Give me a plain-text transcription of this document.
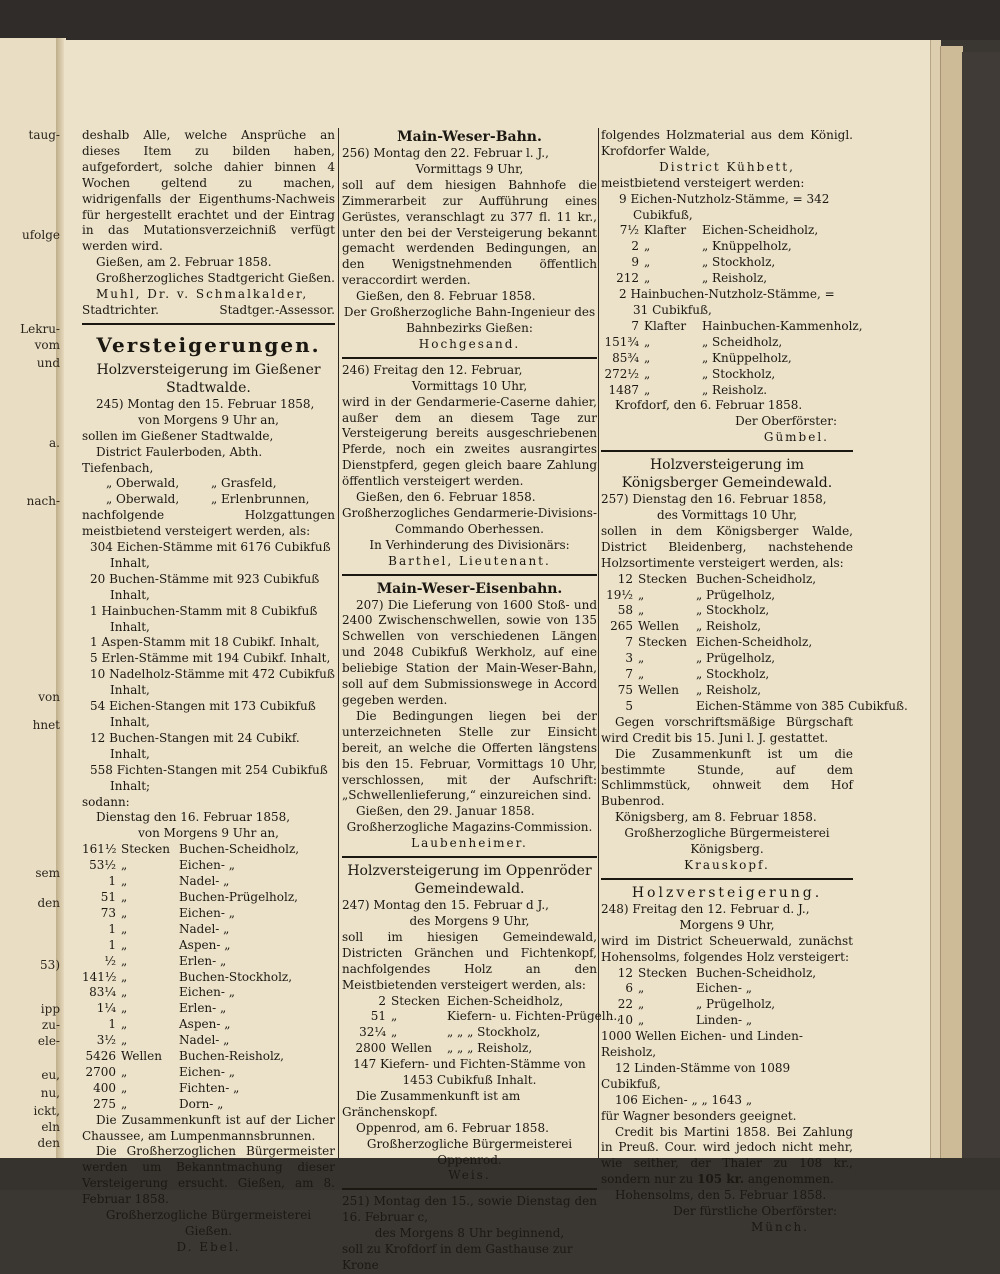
taug-
ufolge
Lekru-
vom
und
a.
nach-
von
hnet
sem
den
53)
ipp
zu-
ele-
eu,
nu,
ickt,
eln
den

deshalb Alle, welche Ansprüche an dieses Item zu bilden haben, aufgefordert, solche dahier binnen 4 Wochen geltend zu machen, widrigenfalls der Eigenthums-Nachweis für hergestellt erachtet und der Eintrag in das Mutationsverzeichniß verfügt werden wird.

Gießen, am 2. Februar 1858.

Großherzogliches Stadtgericht Gießen.

Muhl, Dr. v. Schmalkalder,

Stadtrichter.	Stadtger.-Assessor.
Versteigerungen.

Holzversteigerung im Gießener Stadtwalde.

245) Montag den 15. Februar 1858,

von Morgens 9 Uhr an,

sollen im Gießener Stadtwalde,

District Faulerboden, Abth. Tiefenbach,

„ Oberwald,	„ Grasfeld,
„ Oberwald,	„ Erlenbrunnen,

nachfolgende Holzgattungen meistbietend versteigert werden, als:

304 Eichen-Stämme mit 6176 Cubikfuß Inhalt,

20 Buchen-Stämme mit 923 Cubikfuß Inhalt,

1 Hainbuchen-Stamm mit 8 Cubikfuß Inhalt,

1 Aspen-Stamm mit 18 Cubikf. Inhalt,

5 Erlen-Stämme mit 194 Cubikf. Inhalt,

10 Nadelholz-Stämme mit 472 Cubikfuß Inhalt,

54 Eichen-Stangen mit 173 Cubikfuß Inhalt,

12 Buchen-Stangen mit 24 Cubikf. Inhalt,

558 Fichten-Stangen mit 254 Cubikfuß Inhalt;

sodann:

Dienstag den 16. Februar 1858,

von Morgens 9 Uhr an,

161½ Stecken Buchen-Scheidholz,
53½ „	Eichen- „
1 „	Nadel- „
51 „	Buchen-Prügelholz,
73 „	Eichen- „
1 „	Nadel- „
1 „	Aspen- „
½ „	Erlen- „
141½ „	Buchen-Stockholz,
83¼ „	Eichen- „
1¼ „	Erlen- „
1 „	Aspen- „
3½ „	Nadel- „
5426 Wellen	Buchen-Reisholz,
2700 „	Eichen- „
400 „	Fichten- „
275 „	Dorn- „

Die Zusammenkunft ist auf der Licher Chaussee, am Lumpenmannsbrunnen.

Die Großherzoglichen Bürgermeister werden um Bekanntmachung dieser Versteigerung ersucht. Gießen, am 8. Februar 1858.

Großherzogliche Bürgermeisterei Gießen.

D. Ebel.

Main-Weser-Bahn.

256) Montag den 22. Februar l. J.,

Vormittags 9 Uhr,

soll auf dem hiesigen Bahnhofe die Zimmerarbeit zur Aufführung eines Gerüstes, veranschlagt zu 377 fl. 11 kr., unter den bei der Versteigerung bekannt gemacht werdenden Bedingungen, an den Wenigstnehmenden öffentlich veraccordirt werden.

Gießen, den 8. Februar 1858.

Der Großherzogliche Bahn-Ingenieur des Bahnbezirks Gießen:

Hochgesand.

246) Freitag den 12. Februar,

Vormittags 10 Uhr,

wird in der Gendarmerie-Caserne dahier, außer dem an diesem Tage zur Versteigerung bereits ausgeschriebenen Pferde, noch ein zweites ausrangirtes Dienstpferd, gegen gleich baare Zahlung öffentlich versteigert werden.

Gießen, den 6. Februar 1858.

Großherzogliches Gendarmerie-Divisions-Commando Oberhessen.

In Verhinderung des Divisionärs:

Barthel, Lieutenant.

Main-Weser-Eisenbahn.

207) Die Lieferung von 1600 Stoß- und 2400 Zwischenschwellen, sowie von 135 Schwellen von verschiedenen Längen und 2048 Cubikfuß Werkholz, auf eine beliebige Station der Main-Weser-Bahn, soll auf dem Submissionswege in Accord gegeben werden.

Die Bedingungen liegen bei der unterzeichneten Stelle zur Einsicht bereit, an welche die Offerten längstens bis den 15. Februar, Vormittags 10 Uhr, verschlossen, mit der Aufschrift: „Schwellenlieferung,“ einzureichen sind.

Gießen, den 29. Januar 1858.

Großherzogliche Magazins-Commission.

Laubenheimer.

Holzversteigerung im Oppenröder Gemeindewald.

247) Montag den 15. Februar d J.,

des Morgens 9 Uhr,

soll im hiesigen Gemeindewald, Districten Gränchen und Fichtenkopf, nachfolgendes Holz an den Meistbietenden versteigert werden, als:

2 Stecken Eichen-Scheidholz,
51 „	Kiefern- u. Fichten-Prügelh.,
32¼ „	„ „ „ Stockholz,
2800 Wellen	„ „ „ Reisholz,

147 Kiefern- und Fichten-Stämme von 1453 Cubikfuß Inhalt.

Die Zusammenkunft ist am Gränchenskopf.

Oppenrod, am 6. Februar 1858.

Großherzogliche Bürgermeisterei Oppenrod.

Weis.

251) Montag den 15., sowie Dienstag den 16. Februar c,

des Morgens 8 Uhr beginnend,

soll zu Krofdorf in dem Gasthause zur Krone

folgendes Holzmaterial aus dem Königl. Krofdorfer Walde,

District Kühbett,

meistbietend versteigert werden:

9 Eichen-Nutzholz-Stämme, = 342 Cubikfuß,

7½ Klafter	Eichen-Scheidholz,
2 „	„ Knüppelholz,
9 „	„ Stockholz,
212 „	„ Reisholz,

2 Hainbuchen-Nutzholz-Stämme, = 31 Cubikfuß,

7 Klafter	Hainbuchen-Kammenholz,
151¾ „	„ Scheidholz,
85¾ „	„ Knüppelholz,
272½ „	„ Stockholz,
1487 „	„ Reisholz.

Krofdorf, den 6. Februar 1858.

Der Oberförster:

Gümbel.

Holzversteigerung im Königsberger Gemeindewald.

257) Dienstag den 16. Februar 1858,

des Vormittags 10 Uhr,

sollen in dem Königsberger Walde, District Bleidenberg, nachstehende Holzsortimente versteigert werden, als:

12 Stecken Buchen-Scheidholz,
19½ „	„ Prügelholz,
58 „	„ Stockholz,
265 Wellen	„ Reisholz,
7 Stecken Eichen-Scheidholz,
3 „	„ Prügelholz,
7 „	„ Stockholz,
75 Wellen	„ Reisholz,
5	Eichen-Stämme von 385 Cubikfuß.

Gegen vorschriftsmäßige Bürgschaft wird Credit bis 15. Juni l. J. gestattet.

Die Zusammenkunft ist um die bestimmte Stunde, auf dem Schlimmstück, ohnweit dem Hof Bubenrod.

Königsberg, am 8. Februar 1858.

Großherzogliche Bürgermeisterei Königsberg.

Krauskopf.

Holzversteigerung.

248) Freitag den 12. Februar d. J.,

Morgens 9 Uhr,

wird im District Scheuerwald, zunächst Hohensolms, folgendes Holz versteigert:

12 Stecken Buchen-Scheidholz,
6 „	Eichen- „
22 „	„ Prügelholz,
10 „	Linden- „

1000 Wellen Eichen- und Linden-Reisholz,

12 Linden-Stämme von 1089 Cubikfuß,

106 Eichen- „ „ 1643 „

für Wagner besonders geeignet.

Credit bis Martini 1858. Bei Zahlung in Preuß. Cour. wird jedoch nicht mehr, wie seither, der Thaler zu 108 kr., sondern nur zu 105 kr. angenommen.

Hohensolms, den 5. Februar 1858.

Der fürstliche Oberförster:

Münch.
